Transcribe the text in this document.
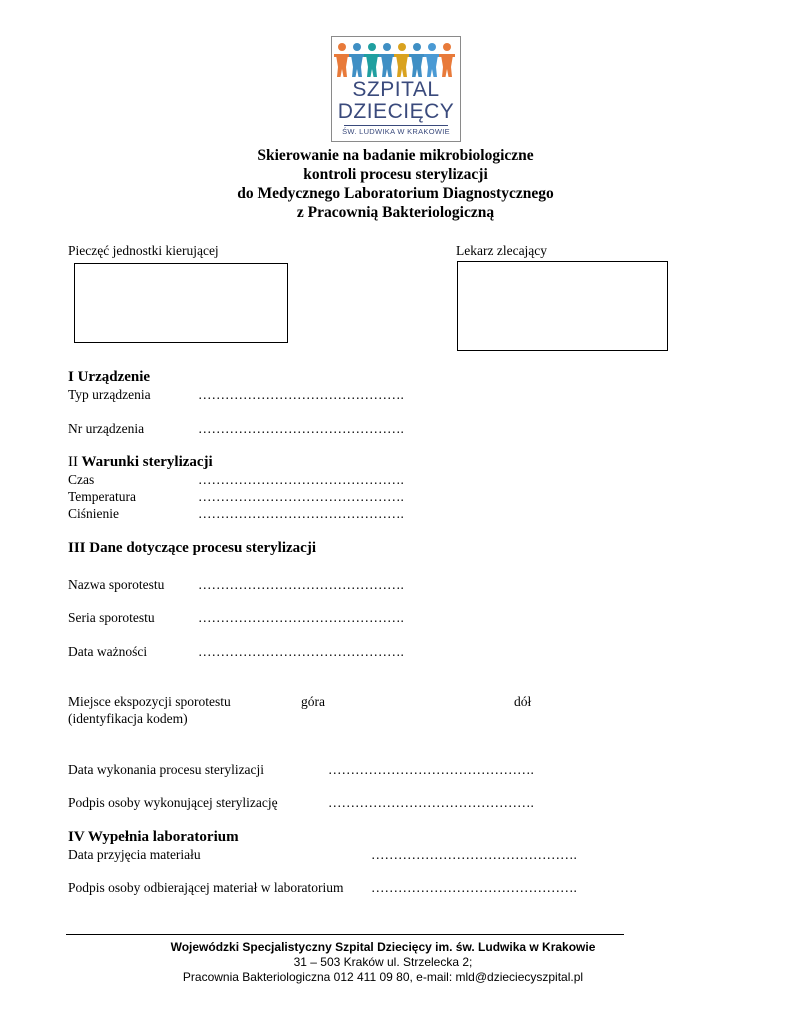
SZPITAL
DZIECIĘCY
ŚW. LUDWIKA W KRAKOWIE
Skierowanie na badanie mikrobiologiczne
kontroli procesu sterylizacji
do Medycznego Laboratorium Diagnostycznego
z Pracownią Bakteriologiczną
Pieczęć jednostki kierującej	Lekarz zlecający
I Urządzenie
Typ urządzenia	……………………………………….
Nr urządzenia	……………………………………….
II Warunki sterylizacji
Czas	……………………………………….
Temperatura	……………………………………….
Ciśnienie	……………………………………….
III Dane dotyczące procesu sterylizacji
Nazwa sporotestu ……………………………………….
Seria sporotestu	……………………………………….
Data ważności	……………………………………….
Miejsce ekspozycji sporotestu
(identyfikacja kodem)
góra	dół
Data wykonania procesu sterylizacji	……………………………………….
Podpis osoby wykonującej sterylizację	……………………………………….
IV Wypełnia laboratorium
Data przyjęcia materiału	……………………………………….
Podpis osoby odbierającej materiał w laboratorium ……………………………………….
Wojewódzki Specjalistyczny Szpital Dziecięcy im. św. Ludwika w Krakowie
31 – 503 Kraków ul. Strzelecka 2;
Pracownia Bakteriologiczna 012 411 09 80, e-mail: mld@dzieciecyszpital.pl
